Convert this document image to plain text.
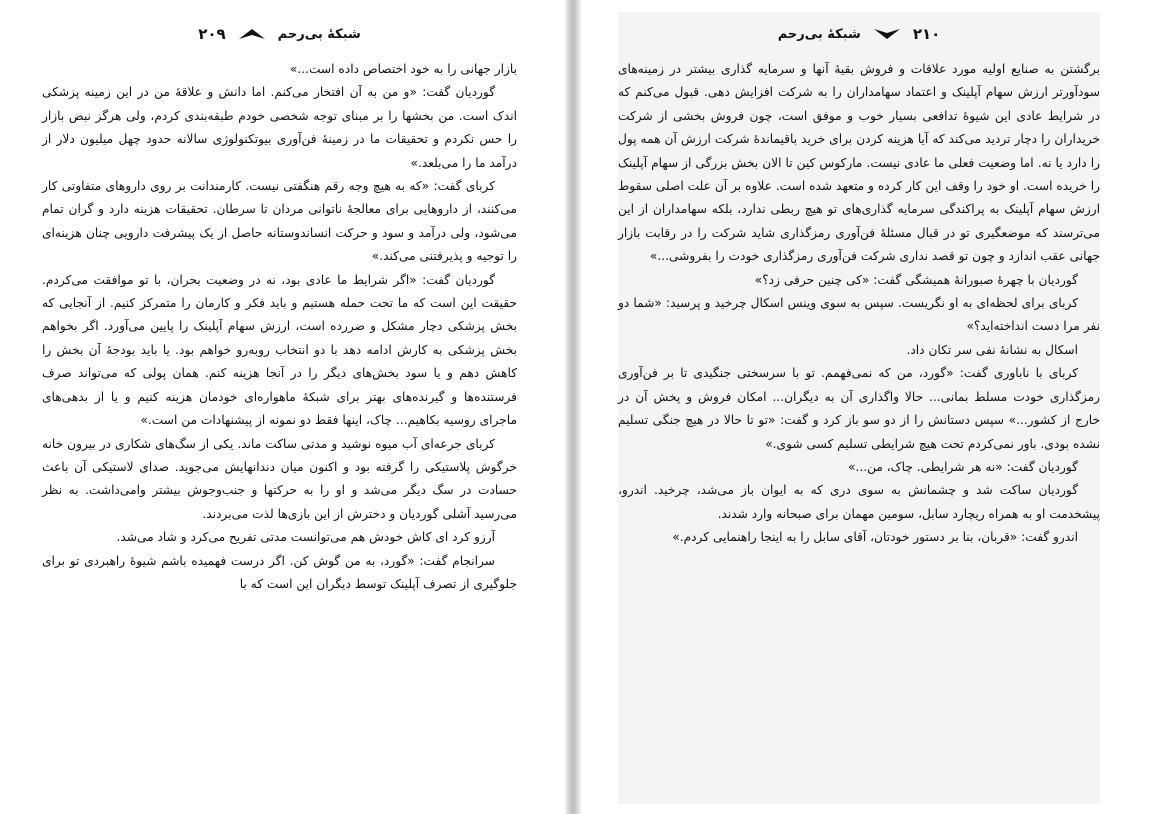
شبکهٔ بی‌رحم
۲۰۹

بازار جهانی را به خود اختصاص داده است...»

گوردیان گفت: «و من به آن افتخار می‌کنم. اما دانش و علاقهٔ من در این زمینه پزشکی اندک است. من بخشها را بر مبنای توجه شخصی خودم طبقه‌بندی کردم، ولی هرگز نبض بازار را حس نکردم و تحقیقات ما در زمینهٔ فن‌آوری بیوتکنولوژی سالانه حدود چهل میلیون دلار از درآمد ما را می‌بلعد.»

کربای گفت: «که به هیچ وجه رقم هنگفتی نیست. کارمندانت بر روی داروهای متفاوتی کار می‌کنند، از داروهایی برای معالجهٔ ناتوانی مردان تا سرطان. تحقیقات هزینه دارد و گران تمام می‌شود، ولی درآمد و سود و حرکت انساندوستانه حاصل از یک پیشرفت دارویی چنان هزینه‌ای را توجیه و پذیرفتنی می‌کند.»

گوردیان گفت: «اگر شرایط ما عادی بود، نه در وضعیت بحران، با تو موافقت می‌کردم. حقیقت این است که ما تحت حمله هستیم و باید فکر و کارمان را متمرکز کنیم. از آنجایی که بخش پزشکی دچار مشکل و ضررده است، ارزش سهام آپلینک را پایین می‌آورد. اگر بخواهم بخش پزشکی به کارش ادامه دهد با دو انتخاب روبه‌رو خواهم بود. یا باید بودجهٔ آن بخش را کاهش دهم و یا سود بخش‌های دیگر را در آنجا هزینه کنم. همان پولی که می‌تواند صرف فرستنده‌ها و گیرنده‌های بهتر برای شبکهٔ ماهواره‌ای خودمان هزینه کنیم و یا از بدهی‌های ماجرای روسیه بکاهیم... چاک، اینها فقط دو نمونه از پیشنهادات من است.»

کربای جرعه‌ای آب میوه نوشید و مدتی ساکت ماند. یکی از سگ‌های شکاری در بیرون خانه خرگوش پلاستیکی را گرفته بود و اکنون میان دندانهایش می‌جوید. صدای لاستیکی آن باعث حسادت در سگ دیگر می‌شد و او را به حرکتها و جنب‌وجوش بیشتر وامی‌داشت. به نظر می‌رسید آشلی گوردیان و دخترش از این بازی‌ها لذت می‌بردند.

آرزو کرد ای کاش خودش هم می‌توانست مدتی تفریح می‌کرد و شاد می‌شد.

سرانجام گفت: «گورد، به من گوش کن. اگر درست فهمیده باشم شیوهٔ راهبردی تو برای جلوگیری از تصرف آپلینک توسط دیگران این است که با

۲۱۰
شبکهٔ بی‌رحم

برگشتن به صنایع اولیه مورد علاقات و فروش بقیهٔ آنها و سرمایه گذاری بیشتر در زمینه‌های سودآورتر ارزش سهام آپلینک و اعتماد سهامداران را به شرکت افزایش دهی. قبول می‌کنم که در شرایط عادی این شیوهٔ تدافعی بسیار خوب و موفق است، چون فروش بخشی از شرکت خریداران را دچار تردید می‌کند که آیا هزینه کردن برای خرید باقیماندهٔ شرکت ارزش آن همه پول را دارد یا نه. اما وضعیت فعلی ما عادی نیست. مارکوس کین تا الان بخش بزرگی از سهام آپلینک را خریده است. او خود را وقف این کار کرده و متعهد شده است. علاوه بر آن علت اصلی سقوط ارزش سهام آپلینک به پراکندگی سرمایه گذاری‌های تو هیچ ربطی ندارد، بلکه سهامداران از این می‌ترسند که موضعگیری تو در قبال مسئلهٔ فن‌آوری رمزگذاری شاید شرکت را در رقابت بازار جهانی عقب اندازد و چون تو قصد نداری شرکت فن‌آوری رمزگذاری خودت را بفروشی...»

گوردیان با چهرهٔ صبورانهٔ همیشگی گفت: «کی چنین حرفی زد؟»

کربای برای لحظه‌ای به او نگریست. سپس به سوی وینس اسکال چرخید و پرسید: «شما دو نفر مرا دست انداخته‌اید؟»

اسکال به نشانهٔ نفی سر تکان داد.

کربای با ناباوری گفت: «گورد، من که نمی‌فهمم. تو با سرسختی جنگیدی تا بر فن‌آوری رمزگذاری خودت مسلط بمانی... حالا واگذاری آن به دیگران... امکان فروش و پخش آن در خارج از کشور...» سپس دستانش را از دو سو باز کرد و گفت: «تو تا حالا در هیچ جنگی تسلیم نشده بودی. باور نمی‌کردم تحت هیچ شرایطی تسلیم کسی شوی.»

گوردیان گفت: «نه هر شرایطی. چاک، من...»

گوردیان ساکت شد و چشمانش به سوی دری که به ایوان باز می‌شد، چرخید. اندرو، پیشخدمت او به همراه ریچارد سابل، سومین مهمان برای صبحانه وارد شدند.

اندرو گفت: «قربان، بنا بر دستور خودتان، آقای سابل را به اینجا راهنمایی کردم.»
